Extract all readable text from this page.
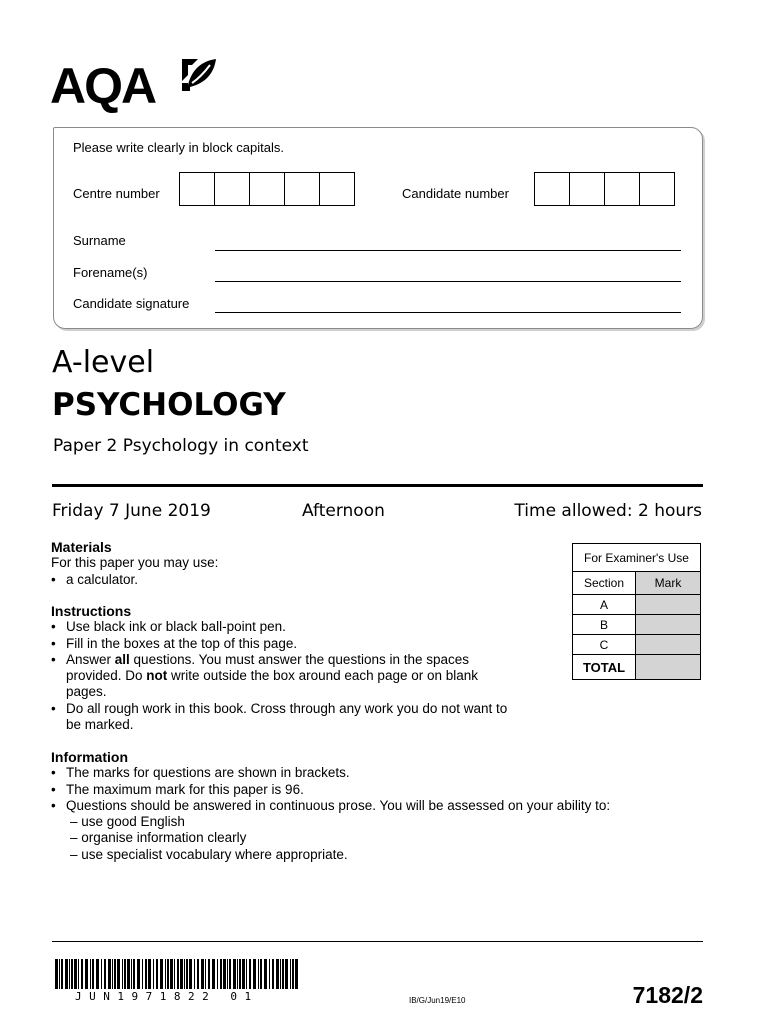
AQA
Please write clearly in block capitals.
Centre number	Candidate number
Surname
Forename(s)
Candidate signature
A-level
PSYCHOLOGY
Paper 2 Psychology in context
Friday 7 June 2019	Afternoon	Time allowed: 2 hours
Materials
For this paper you may use:
• a calculator.
Instructions
• Use black ink or black ball-point pen.
• Fill in the boxes at the top of this page.
• Answer all questions. You must answer the questions in the spaces provided. Do not write outside the box around each page or on blank pages.
• Do all rough work in this book. Cross through any work you do not want to be marked.
Information
• The marks for questions are shown in brackets.
• The maximum mark for this paper is 96.
• Questions should be answered in continuous prose. You will be assessed on your ability to:
– use good English
– organise information clearly
– use specialist vocabulary where appropriate.
For Examiner's Use	
Section	Mark
A	
B	
C	
TOTAL	
JUN1971822 01	IB/G/Jun19/E10	7182/2
